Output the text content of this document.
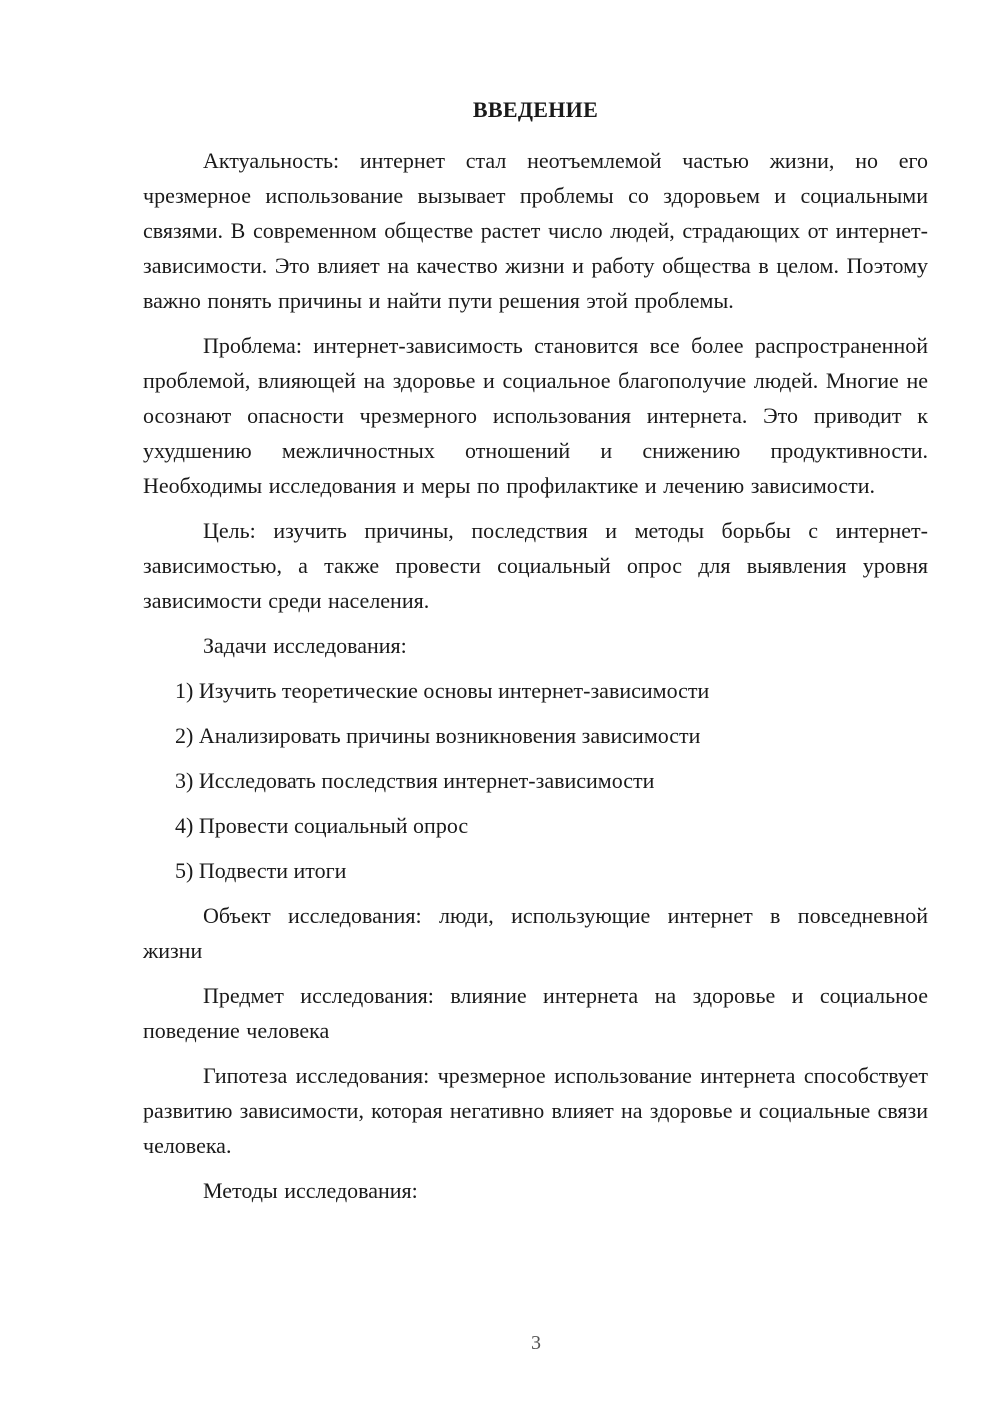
ВВЕДЕНИЕ

Актуальность: интернет стал неотъемлемой частью жизни, но его чрезмерное использование вызывает проблемы со здоровьем и социальными связями. В современном обществе растет число людей, страдающих от интернет-зависимости. Это влияет на качество жизни и работу общества в целом. Поэтому важно понять причины и найти пути решения этой проблемы.

Проблема: интернет-зависимость становится все более распространенной проблемой, влияющей на здоровье и социальное благополучие людей. Многие не осознают опасности чрезмерного использования интернета. Это приводит к ухудшению межличностных отношений и снижению продуктивности. Необходимы исследования и меры по профилактике и лечению зависимости.

Цель: изучить причины, последствия и методы борьбы с интернет-зависимостью, а также провести социальный опрос для выявления уровня зависимости среди населения.

Задачи исследования:

1) Изучить теоретические основы интернет-зависимости
2) Анализировать причины возникновения зависимости
3) Исследовать последствия интернет-зависимости
4) Провести социальный опрос
5) Подвести итоги

Объект исследования: люди, использующие интернет в повседневной жизни

Предмет исследования: влияние интернета на здоровье и социальное поведение человека

Гипотеза исследования: чрезмерное использование интернета способствует развитию зависимости, которая негативно влияет на здоровье и социальные связи человека.

Методы исследования:

3
